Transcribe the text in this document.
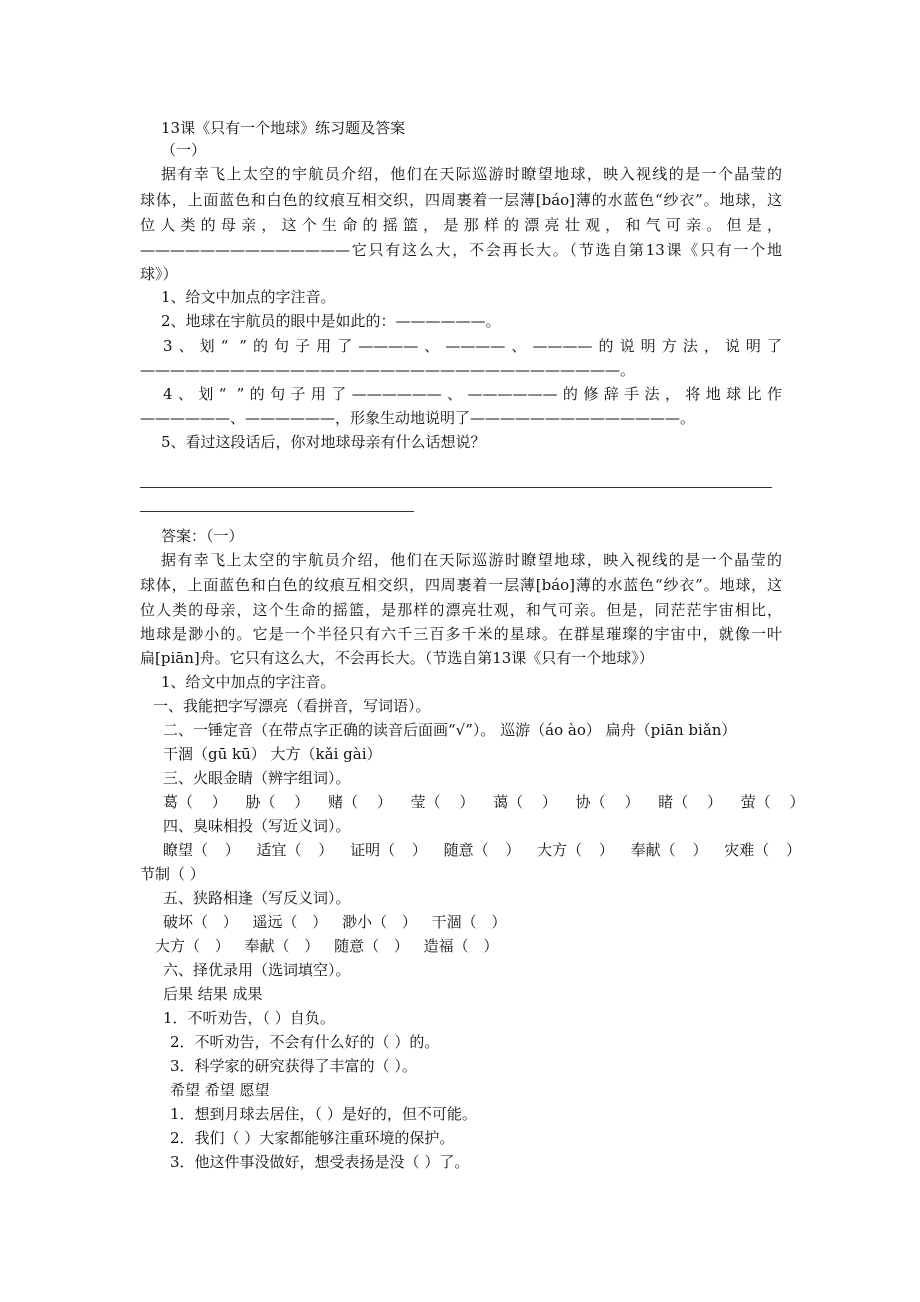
13课《只有一个地球》练习题及答案
（一）
据有幸飞上太空的宇航员介绍，他们在天际巡游时瞭望地球，映入视线的是一个晶莹的
球体，上面蓝色和白色的纹痕互相交织，四周裹着一层薄[báo]薄的水蓝色“纱衣”。地球，这
位人类的母亲，这个生命的摇篮，是那样的漂亮壮观，和气可亲。但是，
——————————————它只有这么大，不会再长大。（节选自第13课《只有一个地
球》）
1、给文中加点的字注音。
2、地球在宇航员的眼中是如此的：——————。
3、划“ ”的句子用了————、————、————的说明方法，说明了
————————————————————————————————。
4、划“ ”的句子用了——————、——————的修辞手法，将地球比作
——————、——————，形象生动地说明了——————————————。
5、看过这段话后，你对地球母亲有什么话想说？
答案：（一）
据有幸飞上太空的宇航员介绍，他们在天际巡游时瞭望地球，映入视线的是一个晶莹的
球体，上面蓝色和白色的纹痕互相交织，四周裹着一层薄[báo]薄的水蓝色“纱衣”。地球，这
位人类的母亲，这个生命的摇篮，是那样的漂亮壮观，和气可亲。但是，同茫茫宇宙相比，
地球是渺小的。它是一个半径只有六千三百多千米的星球。在群星璀璨的宇宙中，就像一叶
扁[piān]舟。它只有这么大，不会再长大。（节选自第13课《只有一个地球》）
1、给文中加点的字注音。
一、我能把字写漂亮（看拼音，写词语）。
二、一锤定音（在带点字正确的读音后面画“√”）。 巡游（áo ào） 扁舟（piān biǎn）
干涸（gū kū） 大方（kǎi gài）
三、火眼金睛（辨字组词）。
葛（ ） 胁（ ） 赌（ ） 莹（ ） 蔼（ ） 协（ ） 睹（ ） 萤（ ）
四、臭味相投（写近义词）。
瞭望（ ） 适宜（ ） 证明（ ） 随意（ ） 大方（ ） 奉献（ ） 灾难（ ）
节制（ ）
五、狭路相逢（写反义词）。
破坏（ ） 遥远（ ） 渺小（ ） 干涸（ ）
大方（ ） 奉献（ ） 随意（ ） 造福（ ）
六、择优录用（选词填空）。
后果 结果 成果
1．不听劝告，（ ）自负。
2．不听劝告，不会有什么好的（ ）的。
3．科学家的研究获得了丰富的（ ）。
希望 希望 愿望
1．想到月球去居住，（ ）是好的，但不可能。
2．我们（ ）大家都能够注重环境的保护。
3．他这件事没做好，想受表扬是没（ ）了。
